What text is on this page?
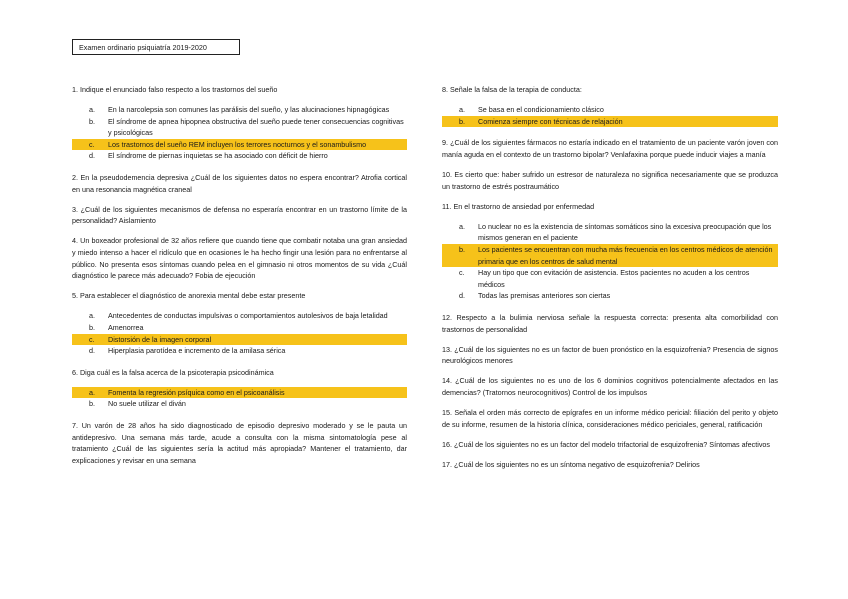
Examen ordinario psiquiatría 2019-2020

1. Indique el enunciado falso respecto a los trastornos del sueño

a. En la narcolepsia son comunes las parálisis del sueño, y las alucinaciones hipnagógicas
b. El síndrome de apnea hipopnea obstructiva del sueño puede tener consecuencias cognitivas y psicológicas
c. Los trastornos del sueño REM incluyen los terrores nocturnos y el sonambulismo
d. El síndrome de piernas inquietas se ha asociado con déficit de hierro

2. En la pseudodemencia depresiva ¿Cuál de los siguientes datos no espera encontrar? Atrofia cortical en una resonancia magnética craneal

3. ¿Cuál de los siguientes mecanismos de defensa no esperaría encontrar en un trastorno límite de la personalidad? Aislamiento

4. Un boxeador profesional de 32 años refiere que cuando tiene que combatir notaba una gran ansiedad y miedo intenso a hacer el ridículo que en ocasiones le ha hecho fingir una lesión para no enfrentarse al público. No presenta esos síntomas cuando pelea en el gimnasio ni otros momentos de su vida ¿Cuál diagnóstico le parece más adecuado? Fobia de ejecución

5. Para establecer el diagnóstico de anorexia mental debe estar presente

a. Antecedentes de conductas impulsivas o comportamientos autolesivos de baja letalidad
b. Amenorrea
c. Distorsión de la imagen corporal
d. Hiperplasia parotídea e incremento de la amilasa sérica

6. Diga cuál es la falsa acerca de la psicoterapia psicodinámica

a. Fomenta la regresión psíquica como en el psicoanálisis
b. No suele utilizar el diván

7. Un varón de 28 años ha sido diagnosticado de episodio depresivo moderado y se le pauta un antidepresivo. Una semana más tarde, acude a consulta con la misma sintomatología pese al tratamiento ¿Cuál de las siguientes sería la actitud más apropiada? Mantener el tratamiento, dar explicaciones y revisar en una semana

8. Señale la falsa de la terapia de conducta:

a. Se basa en el condicionamiento clásico
b. Comienza siempre con técnicas de relajación

9. ¿Cuál de los siguientes fármacos no estaría indicado en el tratamiento de un paciente varón joven con manía aguda en el contexto de un trastorno bipolar? Venlafaxina porque puede inducir viajes a manía

10. Es cierto que: haber sufrido un estresor de naturaleza no significa necesariamente que se produzca un trastorno de estrés postraumático

11. En el trastorno de ansiedad por enfermedad

a. Lo nuclear no es la existencia de síntomas somáticos sino la excesiva preocupación que los mismos generan en el paciente
b. Los pacientes se encuentran con mucha más frecuencia en los centros médicos de atención primaria que en los centros de salud mental
c. Hay un tipo que con evitación de asistencia. Estos pacientes no acuden a los centros médicos
d. Todas las premisas anteriores son ciertas

12. Respecto a la bulimia nerviosa señale la respuesta correcta: presenta alta comorbilidad con trastornos de personalidad

13. ¿Cuál de los siguientes no es un factor de buen pronóstico en la esquizofrenia? Presencia de signos neurológicos menores

14. ¿Cuál de los siguientes no es uno de los 6 dominios cognitivos potencialmente afectados en las demencias? (Tratornos neurocognitivos) Control de los impulsos

15. Señala el orden más correcto de epígrafes en un informe médico pericial: filiación del perito y objeto de su informe, resumen de la historia clínica, consideraciones médico periciales, general, ratificación

16. ¿Cuál de los siguientes no es un factor del modelo trifactorial de esquizofrenia? Síntomas afectivos

17. ¿Cuál de los siguientes no es un síntoma negativo de esquizofrenia? Delirios
